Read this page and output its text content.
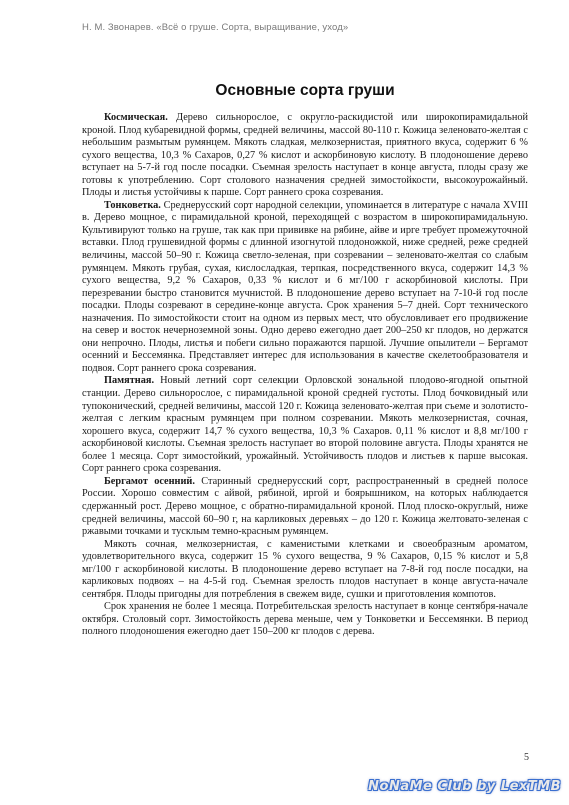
Н. М. Звонарев. «Всё о груше. Сорта, выращивание, уход»
Основные сорта груши

Космическая. Дерево сильнорослое, с округло-раскидистой или широкопирамидальной кроной. Плод кубаревидной формы, средней величины, массой 80-110 г. Кожица зеленовато-желтая с небольшим размытым румянцем. Мякоть сладкая, мелкозернистая, приятного вкуса, содержит 6 % сухого вещества, 10,3 % Сахаров, 0,27 % кислот и аскорбиновую кислоту. В плодоношение дерево вступает на 5-7-й год после посадки. Съемная зрелость наступает в конце августа, плоды сразу же готовы к употреблению. Сорт столового назначения средней зимостойкости, высокоурожайный. Плоды и листья устойчивы к парше. Сорт раннего срока созревания.

Тонковетка. Среднерусский сорт народной селекции, упоминается в литературе с начала XVIII в. Дерево мощное, с пирамидальной кроной, переходящей с возрастом в широкопирамидальную. Культивируют только на груше, так как при прививке на рябине, айве и ирге требует промежуточной вставки. Плод грушевидной формы с длинной изогнутой плодоножкой, ниже средней, реже средней величины, массой 50–90 г. Кожица светло-зеленая, при созревании – зеленовато-желтая со слабым румянцем. Мякоть грубая, сухая, кислосладкая, терпкая, посредственного вкуса, содержит 14,3 % сухого вещества, 9,2 % Сахаров, 0,33 % кислот и 6 мг/100 г аскорбиновой кислоты. При перезревании быстро становится мучнистой. В плодоношение дерево вступает на 7-10-й год после посадки. Плоды созревают в середине-конце августа. Срок хранения 5–7 дней. Сорт технического назначения. По зимостойкости стоит на одном из первых мест, что обусловливает его продвижение на север и восток нечерноземной зоны. Одно дерево ежегодно дает 200–250 кг плодов, но держатся они непрочно. Плоды, листья и побеги сильно поражаются паршой. Лучшие опылители – Бергамот осенний и Бессемянка. Представляет интерес для использования в качестве скелетообразователя и подвоя. Сорт раннего срока созревания.

Памятная. Новый летний сорт селекции Орловской зональной плодово-ягодной опытной станции. Дерево сильнорослое, с пирамидальной кроной средней густоты. Плод бочковидный или тупоконический, средней величины, массой 120 г. Кожица зеленовато-желтая при съеме и золотисто-желтая с легким красным румянцем при полном созревании. Мякоть мелкозернистая, сочная, хорошего вкуса, содержит 14,7 % сухого вещества, 10,3 % Сахаров. 0,11 % кислот и 8,8 мг/100 г аскорбиновой кислоты. Съемная зрелость наступает во второй половине августа. Плоды хранятся не более 1 месяца. Сорт зимостойкий, урожайный. Устойчивость плодов и листьев к парше высокая. Сорт раннего срока созревания.

Бергамот осенний. Старинный среднерусский сорт, распространенный в средней полосе России. Хорошо совместим с айвой, рябиной, иргой и боярышником, на которых наблюдается сдержанный рост. Дерево мощное, с обратно-пирамидальной кроной. Плод плоско-округлый, ниже средней величины, массой 60–90 г, на карликовых деревьях – до 120 г. Кожица желтовато-зеленая с ржавыми точками и тусклым темно-красным румянцем.

Мякоть сочная, мелкозернистая, с каменистыми клетками и своеобразным ароматом, удовлетворительного вкуса, содержит 15 % сухого вещества, 9 % Сахаров, 0,15 % кислот и 5,8 мг/100 г аскорбиновой кислоты. В плодоношение дерево вступает на 7-8-й год после посадки, на карликовых подвоях – на 4-5-й год. Съемная зрелость плодов наступает в конце августа-начале сентября. Плоды пригодны для потребления в свежем виде, сушки и приготовления компотов.

Срок хранения не более 1 месяца. Потребительская зрелость наступает в конце сентября-начале октября. Столовый сорт. Зимостойкость дерева меньше, чем у Тонковетки и Бессемянки. В период полного плодоношения ежегодно дает 150–200 кг плодов с дерева.

5
NoNaMe Club by LexTMB
